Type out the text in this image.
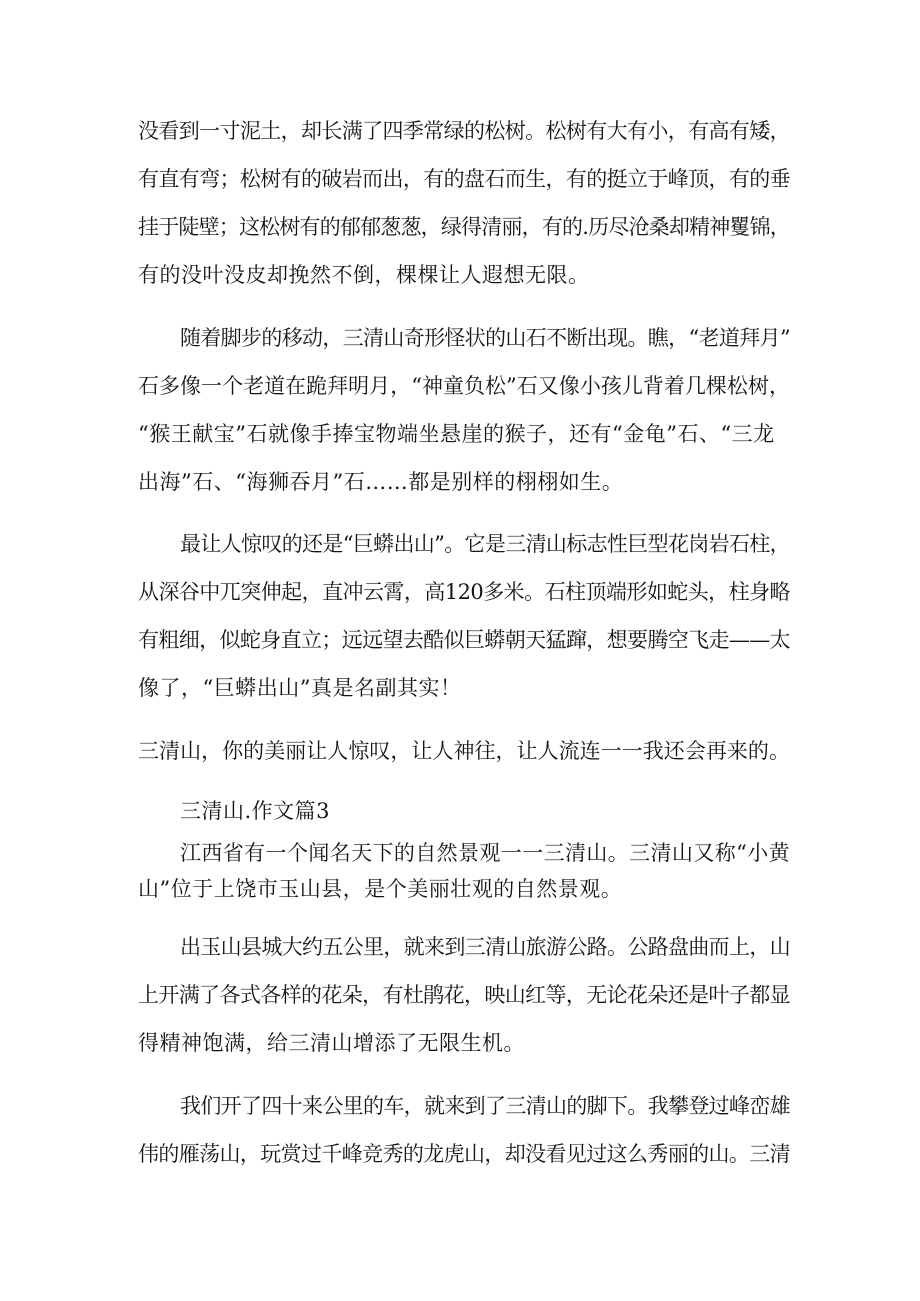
没看到一寸泥土，却长满了四季常绿的松树。松树有大有小，有高有矮，
有直有弯；松树有的破岩而出，有的盘石而生，有的挺立于峰顶，有的垂
挂于陡壁；这松树有的郁郁葱葱，绿得清丽，有的.历尽沧桑却精神矍锦，
有的没叶没皮却挽然不倒，棵棵让人遐想无限。
随着脚步的移动，三清山奇形怪状的山石不断出现。瞧，“老道拜月”
石多像一个老道在跪拜明月，“神童负松”石又像小孩儿背着几棵松树，
“猴王献宝”石就像手捧宝物端坐悬崖的猴子，还有“金龟”石、“三龙
出海”石、“海狮吞月”石……都是别样的栩栩如生。
最让人惊叹的还是“巨蟒出山”。它是三清山标志性巨型花岗岩石柱，
从深谷中兀突伸起，直冲云霄，高120多米。石柱顶端形如蛇头，柱身略
有粗细，似蛇身直立；远远望去酷似巨蟒朝天猛蹿，想要腾空飞走——太
像了，“巨蟒出山”真是名副其实！
三清山，你的美丽让人惊叹，让人神往，让人流连一一我还会再来的。
三清山.作文篇3
江西省有一个闻名天下的自然景观一一三清山。三清山又称“小黄
山”位于上饶市玉山县，是个美丽壮观的自然景观。
出玉山县城大约五公里，就来到三清山旅游公路。公路盘曲而上，山
上开满了各式各样的花朵，有杜鹃花，映山红等，无论花朵还是叶子都显
得精神饱满，给三清山增添了无限生机。
我们开了四十来公里的车，就来到了三清山的脚下。我攀登过峰峦雄
伟的雁荡山，玩赏过千峰竞秀的龙虎山，却没看见过这么秀丽的山。三清
